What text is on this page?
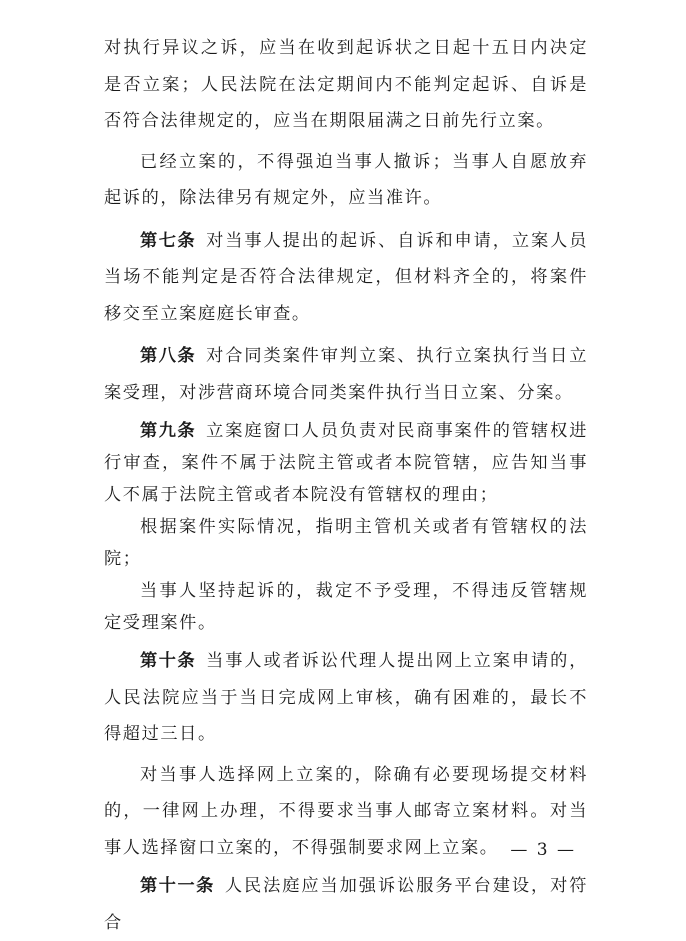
对执行异议之诉，应当在收到起诉状之日起十五日内决定是否立案；人民法院在法定期间内不能判定起诉、自诉是否符合法律规定的，应当在期限届满之日前先行立案。

已经立案的，不得强迫当事人撤诉；当事人自愿放弃起诉的，除法律另有规定外，应当准许。

第七条 对当事人提出的起诉、自诉和申请，立案人员当场不能判定是否符合法律规定，但材料齐全的，将案件移交至立案庭庭长审查。

第八条 对合同类案件审判立案、执行立案执行当日立案受理，对涉营商环境合同类案件执行当日立案、分案。

第九条 立案庭窗口人员负责对民商事案件的管辖权进行审查，案件不属于法院主管或者本院管辖，应告知当事人不属于法院主管或者本院没有管辖权的理由；

根据案件实际情况，指明主管机关或者有管辖权的法院；

当事人坚持起诉的，裁定不予受理，不得违反管辖规定受理案件。

第十条 当事人或者诉讼代理人提出网上立案申请的，人民法院应当于当日完成网上审核，确有困难的，最长不得超过三日。

对当事人选择网上立案的，除确有必要现场提交材料的，一律网上办理，不得要求当事人邮寄立案材料。对当事人选择窗口立案的，不得强制要求网上立案。

第十一条 人民法庭应当加强诉讼服务平台建设，对符合

— 3 —
